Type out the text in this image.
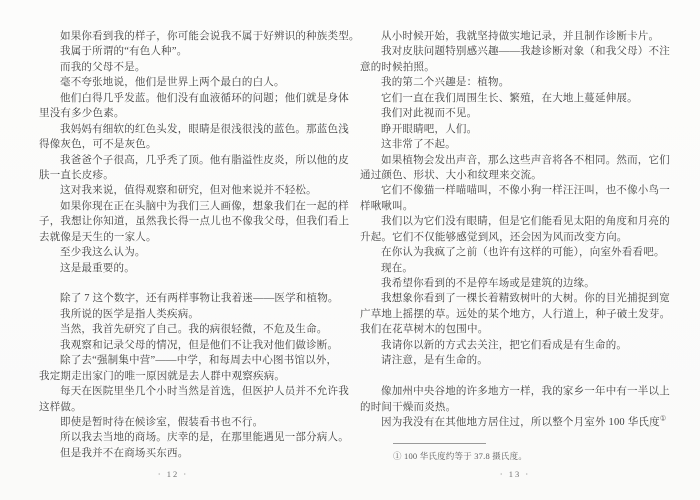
如果你看到我的样子，你可能会说我不属于好辨识的种族类型。
我属于所谓的“有色人种”。
而我的父母不是。
毫不夸张地说，他们是世界上两个最白的白人。
他们白得几乎发蓝。他们没有血液循环的问题；他们就是身体
里没有多少色素。
我妈妈有细软的红色头发，眼睛是很浅很浅的蓝色。那蓝色浅
得像灰色，可不是灰色。
我爸爸个子很高，几乎秃了顶。他有脂溢性皮炎，所以他的皮
肤一直长皮疹。
这对我来说，值得观察和研究，但对他来说并不轻松。
如果你现在正在头脑中为我们三人画像，想象我们在一起的样
子，我想让你知道，虽然我长得一点儿也不像我父母，但我们看上
去就像是天生的一家人。
至少我这么认为。
这是最重要的。
除了 7 这个数字，还有两样事物让我着迷——医学和植物。
我所说的医学是指人类疾病。
当然，我首先研究了自己。我的病很轻微，不危及生命。
我观察和记录父母的情况，但是他们不让我对他们做诊断。
除了去“强制集中营”——中学，和每周去中心图书馆以外，
我定期走出家门的唯一原因就是去人群中观察疾病。
每天在医院里坐几个小时当然是首选，但医护人员并不允许我
这样做。
即使是暂时待在候诊室，假装看书也不行。
所以我去当地的商场。庆幸的是，在那里能遇见一部分病人。
但是我并不在商场买东西。
从小时候开始，我就坚持做实地记录，并且制作诊断卡片。
我对皮肤问题特别感兴趣——我趁诊断对象（和我父母）不注
意的时候拍照。
我的第二个兴趣是：植物。
它们一直在我们周围生长、繁殖，在大地上蔓延伸展。
我们对此视而不见。
睁开眼睛吧，人们。
这非常了不起。
如果植物会发出声音，那么这些声音将各不相同。然而，它们
通过颜色、形状、大小和纹理来交流。
它们不像猫一样喵喵叫，不像小狗一样汪汪叫，也不像小鸟一
样啾啾叫。
我们以为它们没有眼睛，但是它们能看见太阳的角度和月亮的
升起。它们不仅能够感觉到风，还会因为风而改变方向。
在你认为我疯了之前（也许有这样的可能），向室外看看吧。
现在。
我希望你看到的不是停车场或是建筑的边缘。
我想象你看到了一棵长着精致树叶的大树。你的目光捕捉到宽
广草地上摇摆的草。远处的某个地方，人行道上，种子破土发芽。
我们在花草树木的包围中。
我请你以新的方式去关注，把它们看成是有生命的。
请注意，是有生命的。
像加州中央谷地的许多地方一样，我的家乡一年中有一半以上
的时间干燥而炎热。
因为我没有在其他地方居住过，所以整个月室外 100 华氏度①
① 100 华氏度约等于 37.8 摄氏度。
· 12 ·	· 13 ·
